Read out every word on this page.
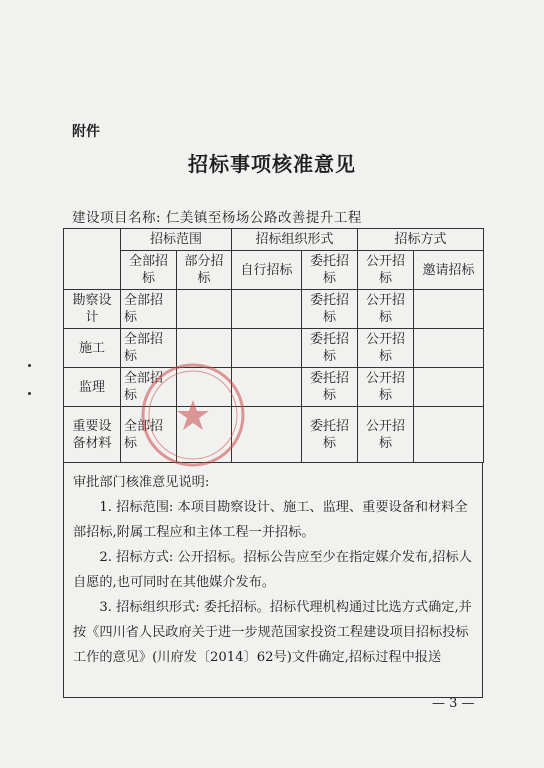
附件
招标事项核准意见
建设项目名称: 仁美镇至杨场公路改善提升工程
	招标范围		招标组织形式		招标方式	
	全部招标	部分招标	自行招标	委托招标	公开招标	邀请招标
勘察设计	全部招标			委托招标	公开招标	
施工	全部招标			委托招标	公开招标	
监理	全部招标			委托招标	公开招标	
重要设备材料	全部招标			委托招标	公开招标	

审批部门核准意见说明:

1. 招标范围: 本项目勘察设计、施工、监理、重要设备和材料全部招标,附属工程应和主体工程一并招标。

2. 招标方式: 公开招标。招标公告应至少在指定媒介发布,招标人自愿的,也可同时在其他媒介发布。

3. 招标组织形式: 委托招标。招标代理机构通过比选方式确定,并按《四川省人民政府关于进一步规范国家投资工程建设项目招标投标工作的意见》(川府发〔2014〕62号)文件确定,招标过程中报送

— 3 —
